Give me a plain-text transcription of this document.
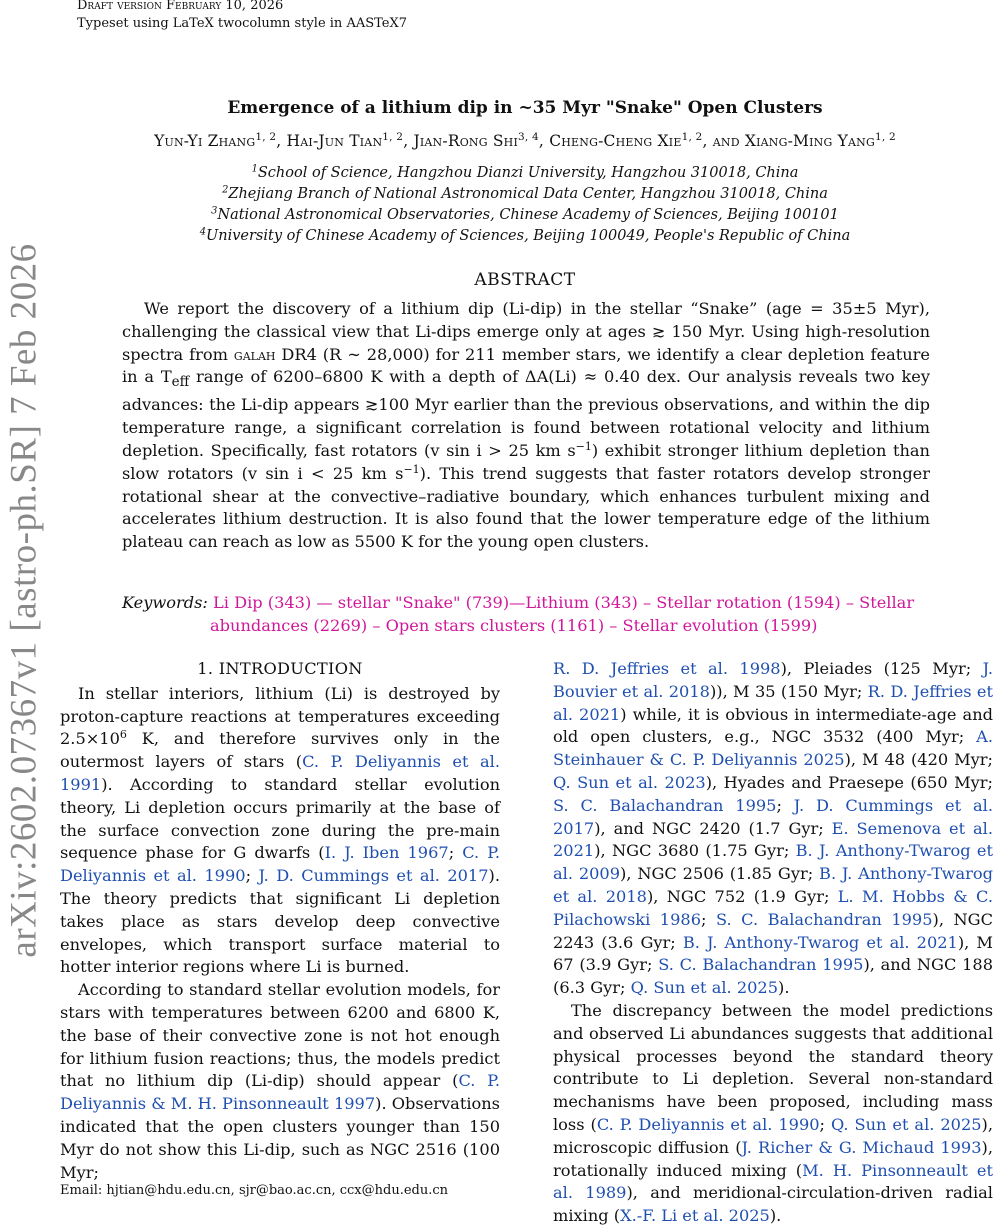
Draft version February 10, 2026
Typeset using LaTeX twocolumn style in AASTeX7
arXiv:2602.07367v1 [astro-ph.SR] 7 Feb 2026
Emergence of a lithium dip in ~35 Myr "Snake" Open Clusters
Yun-Yi Zhang$^{1, 2}$, Hai-Jun Tian$^{1, 2}$, Jian-Rong Shi$^{3, 4}$, Cheng-Cheng Xie$^{1, 2}$, and Xiang-Ming Yang$^{1, 2}$
$^1$School of Science, Hangzhou Dianzi University, Hangzhou 310018, China
$^2$Zhejiang Branch of National Astronomical Data Center, Hangzhou 310018, China
$^3$National Astronomical Observatories, Chinese Academy of Sciences, Beijing 100101
$^4$University of Chinese Academy of Sciences, Beijing 100049, People's Republic of China
ABSTRACT
We report the discovery of a lithium dip (Li-dip) in the stellar “Snake” (age = 35±5 Myr), challenging the classical view that Li-dips emerge only at ages ≳ 150 Myr. Using high-resolution spectra from galah DR4 (R ∼ 28,000) for 211 member stars, we identify a clear depletion feature in a $T_{eff}$ range of 6200–6800 K with a depth of ΔA(Li) ≈ 0.40 dex. Our analysis reveals two key advances: the Li-dip appears ≳100 Myr earlier than the previous observations, and within the dip temperature range, a significant correlation is found between rotational velocity and lithium depletion. Specifically, fast rotators (v sin i > 25 km $s^{-1}$) exhibit stronger lithium depletion than slow rotators (v sin i < 25 km $s^{-1}$). This trend suggests that faster rotators develop stronger rotational shear at the convective–radiative boundary, which enhances turbulent mixing and accelerates lithium destruction. It is also found that the lower temperature edge of the lithium plateau can reach as low as 5500 K for the young open clusters.
Keywords: Li Dip (343) — stellar "Snake" (739)—Lithium (343) – Stellar rotation (1594) – Stellar abundances (2269) – Open stars clusters (1161) – Stellar evolution (1599)
1. INTRODUCTION

In stellar interiors, lithium (Li) is destroyed by proton-capture reactions at temperatures exceeding $2.5\times 10^6$ K, and therefore survives only in the outermost layers of stars (C. P. Deliyannis et al. 1991). According to standard stellar evolution theory, Li depletion occurs primarily at the base of the surface convection zone during the pre-main sequence phase for G dwarfs (I. J. Iben 1967; C. P. Deliyannis et al. 1990; J. D. Cummings et al. 2017). The theory predicts that significant Li depletion takes place as stars develop deep convective envelopes, which transport surface material to hotter interior regions where Li is burned.

According to standard stellar evolution models, for stars with temperatures between 6200 and 6800 K, the base of their convective zone is not hot enough for lithium fusion reactions; thus, the models predict that no lithium dip (Li-dip) should appear (C. P. Deliyannis & M. H. Pinsonneault 1997). Observations indicated that the open clusters younger than 150 Myr do not show this Li-dip, such as NGC 2516 (100 Myr;

R. D. Jeffries et al. 1998), Pleiades (125 Myr; J. Bouvier et al. 2018)), M 35 (150 Myr; R. D. Jeffries et al. 2021) while, it is obvious in intermediate-age and old open clusters, e.g., NGC 3532 (400 Myr; A. Steinhauer & C. P. Deliyannis 2025), M 48 (420 Myr; Q. Sun et al. 2023), Hyades and Praesepe (650 Myr; S. C. Balachandran 1995; J. D. Cummings et al. 2017), and NGC 2420 (1.7 Gyr; E. Semenova et al. 2021), NGC 3680 (1.75 Gyr; B. J. Anthony-Twarog et al. 2009), NGC 2506 (1.85 Gyr; B. J. Anthony-Twarog et al. 2018), NGC 752 (1.9 Gyr; L. M. Hobbs & C. Pilachowski 1986; S. C. Balachandran 1995), NGC 2243 (3.6 Gyr; B. J. Anthony-Twarog et al. 2021), M 67 (3.9 Gyr; S. C. Balachandran 1995), and NGC 188 (6.3 Gyr; Q. Sun et al. 2025).

The discrepancy between the model predictions and observed Li abundances suggests that additional physical processes beyond the standard theory contribute to Li depletion. Several non-standard mechanisms have been proposed, including mass loss (C. P. Deliyannis et al. 1990; Q. Sun et al. 2025), microscopic diffusion (J. Richer & G. Michaud 1993), rotationally induced mixing (M. H. Pinsonneault et al. 1989), and meridional-circulation-driven radial mixing (X.-F. Li et al. 2025).

Email: hjtian@hdu.edu.cn, sjr@bao.ac.cn, ccx@hdu.edu.cn
